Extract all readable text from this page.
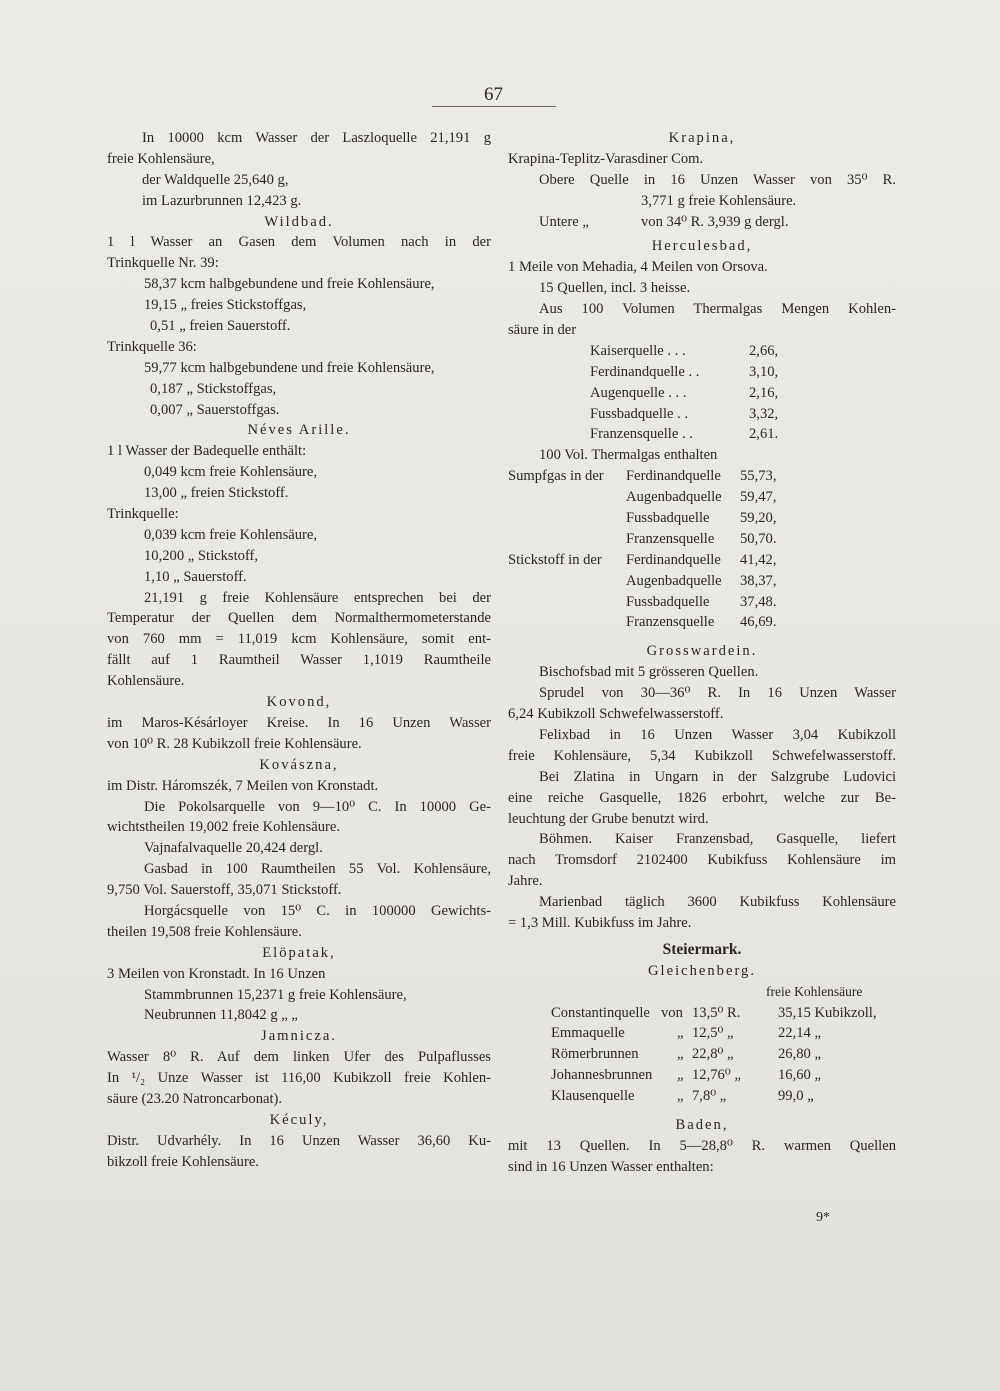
67
In 10000 kcm Wasser der Laszloquelle 21,191 g
freie Kohlensäure,
der Waldquelle 25,640 g,
im Lazurbrunnen 12,423 g.
Wildbad.
1 l Wasser an Gasen dem Volumen nach in der
Trinkquelle Nr. 39:
58,37 kcm halbgebundene und freie Kohlensäure,
19,15 „ freies Stickstoffgas,
0,51 „ freien Sauerstoff.
Trinkquelle 36:
59,77 kcm halbgebundene und freie Kohlensäure,
0,187 „ Stickstoffgas,
0,007 „ Sauerstoffgas.
Néves Arille.
1 l Wasser der Badequelle enthält:
0,049 kcm freie Kohlensäure,
13,00 „ freien Stickstoff.
Trinkquelle:
0,039 kcm freie Kohlensäure,
10,200 „ Stickstoff,
1,10 „ Sauerstoff.
21,191 g freie Kohlensäure entsprechen bei der
Temperatur der Quellen dem Normalthermometerstande
von 760 mm = 11,019 kcm Kohlensäure, somit ent-
fällt auf 1 Raumtheil Wasser 1,1019 Raumtheile
Kohlensäure.
Kovond,
im Maros-Késárloyer Kreise. In 16 Unzen Wasser
von 10⁰ R. 28 Kubikzoll freie Kohlensäure.
Kovászna,
im Distr. Háromszék, 7 Meilen von Kronstadt.
Die Pokolsarquelle von 9—10⁰ C. In 10000 Ge-
wichtstheilen 19,002 freie Kohlensäure.
Vajnafalvaquelle 20,424 dergl.
Gasbad in 100 Raumtheilen 55 Vol. Kohlensäure,
9,750 Vol. Sauerstoff, 35,071 Stickstoff.
Horgácsquelle von 15⁰ C. in 100000 Gewichts-
theilen 19,508 freie Kohlensäure.
Elöpatak,
3 Meilen von Kronstadt. In 16 Unzen
Stammbrunnen 15,2371 g freie Kohlensäure,
Neubrunnen 11,8042 g „ „
Jamnicza.
Wasser 8⁰ R. Auf dem linken Ufer des Pulpaflusses
In ¹/₂ Unze Wasser ist 116,00 Kubikzoll freie Kohlen-
säure (23.20 Natroncarbonat).
Kéculy,
Distr. Udvarhély. In 16 Unzen Wasser 36,60 Ku-
bikzoll freie Kohlensäure.
Krapina,
Krapina-Teplitz-Varasdiner Com.
Obere Quelle in 16 Unzen Wasser von 35⁰ R.
3,771 g freie Kohlensäure.
Untere „	von 34⁰ R. 3,939 g dergl.
Herculesbad,
1 Meile von Mehadia, 4 Meilen von Orsova.
15 Quellen, incl. 3 heisse.
Aus 100 Volumen Thermalgas Mengen Kohlen-
säure in der
Kaiserquelle . . .	2,66,
Ferdinandquelle . .	3,10,
Augenquelle . . .	2,16,
Fussbadquelle . .	3,32,
Franzensquelle . .	2,61.
100 Vol. Thermalgas enthalten
Sumpfgas in der Ferdinandquelle 55,73,
Augenbadquelle 59,47,
Fussbadquelle 59,20,
Franzensquelle 50,70.
Stickstoff in der Ferdinandquelle 41,42,
Augenbadquelle 38,37,
Fussbadquelle 37,48.
Franzensquelle 46,69.
Grosswardein.
Bischofsbad mit 5 grösseren Quellen.
Sprudel von 30—36⁰ R. In 16 Unzen Wasser
6,24 Kubikzoll Schwefelwasserstoff.
Felixbad in 16 Unzen Wasser 3,04 Kubikzoll
freie Kohlensäure, 5,34 Kubikzoll Schwefelwasserstoff.
Bei Zlatina in Ungarn in der Salzgrube Ludovici
eine reiche Gasquelle, 1826 erbohrt, welche zur Be-
leuchtung der Grube benutzt wird.
Böhmen. Kaiser Franzensbad, Gasquelle, liefert
nach Tromsdorf 2102400 Kubikfuss Kohlensäure im
Jahre.
Marienbad täglich 3600 Kubikfuss Kohlensäure
= 1,3 Mill. Kubikfuss im Jahre.
Steiermark.
Gleichenberg.
freie Kohlensäure
Constantinquelle von 13,5⁰ R.	35,15 Kubikzoll,
Emmaquelle	„ 12,5⁰ „	22,14 „
Römerbrunnen	„ 22,8⁰ „	26,80 „
Johannesbrunnen „ 12,76⁰ „	16,60 „
Klausenquelle	„ 7,8⁰ „	99,0 „
Baden,
mit 13 Quellen. In 5—28,8⁰ R. warmen Quellen
sind in 16 Unzen Wasser enthalten:
9*
